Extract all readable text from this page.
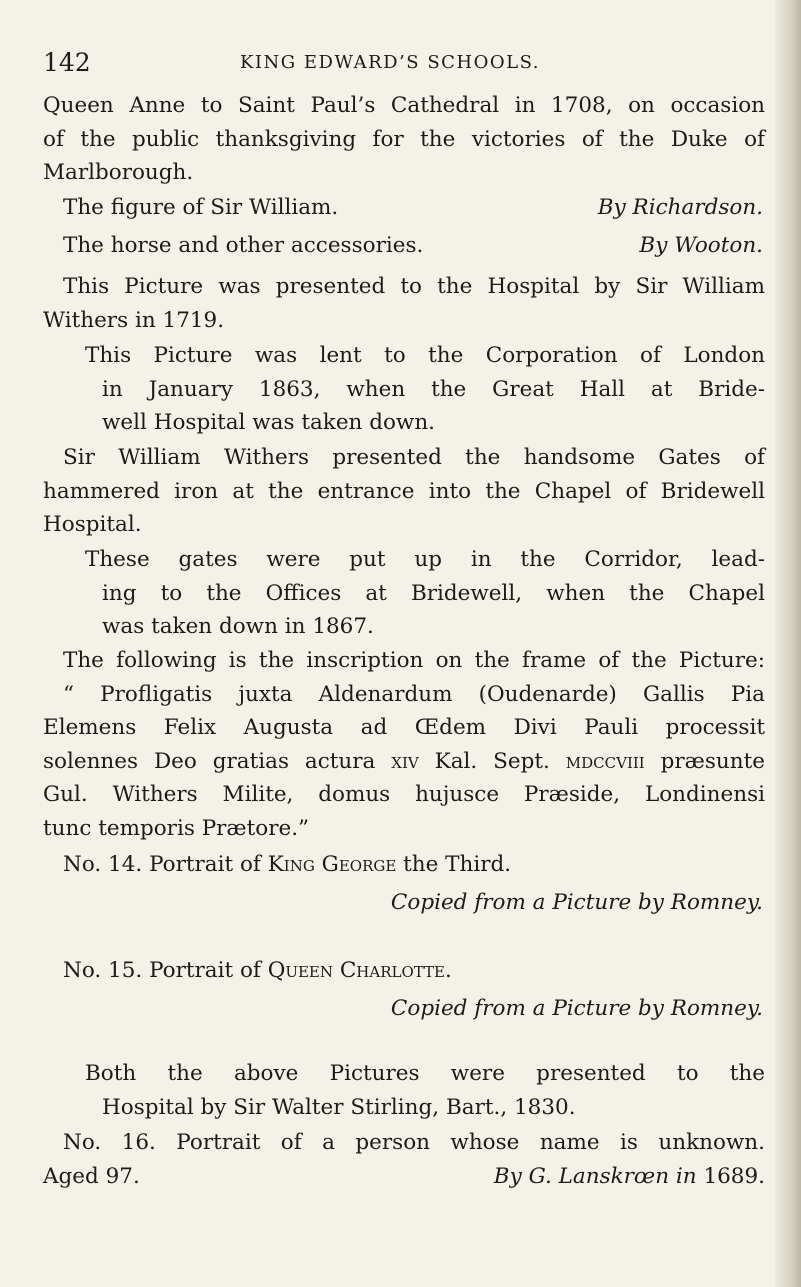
142	KING EDWARD’S SCHOOLS.
Queen Anne to Saint Paul’s Cathedral in 1708, on occasion
of the public thanksgiving for the victories of the Duke of
Marlborough.
The figure of Sir William.	By Richardson.
The horse and other accessories.	By Wooton.
This Picture was presented to the Hospital by Sir William
Withers in 1719.
This Picture was lent to the Corporation of London
in January 1863, when the Great Hall at Bride-
well Hospital was taken down.
Sir William Withers presented the handsome Gates of
hammered iron at the entrance into the Chapel of Bridewell
Hospital.
These gates were put up in the Corridor, lead-
ing to the Offices at Bridewell, when the Chapel
was taken down in 1867.
The following is the inscription on the frame of the Picture:
“ Profligatis juxta Aldenardum (Oudenarde) Gallis Pia
Elemens Felix Augusta ad Œdem Divi Pauli processit
solennes Deo gratias actura xiv Kal. Sept. mdccviii præsunte
Gul. Withers Milite, domus hujusce Præside, Londinensi
tunc temporis Prætore.”
No. 14. Portrait of King George the Third.
Copied from a Picture by Romney.
No. 15. Portrait of Queen Charlotte.
Copied from a Picture by Romney.
Both the above Pictures were presented to the
Hospital by Sir Walter Stirling, Bart., 1830.
No. 16. Portrait of a person whose name is unknown.
Aged 97.	By G. Lanskrœn in 1689.
